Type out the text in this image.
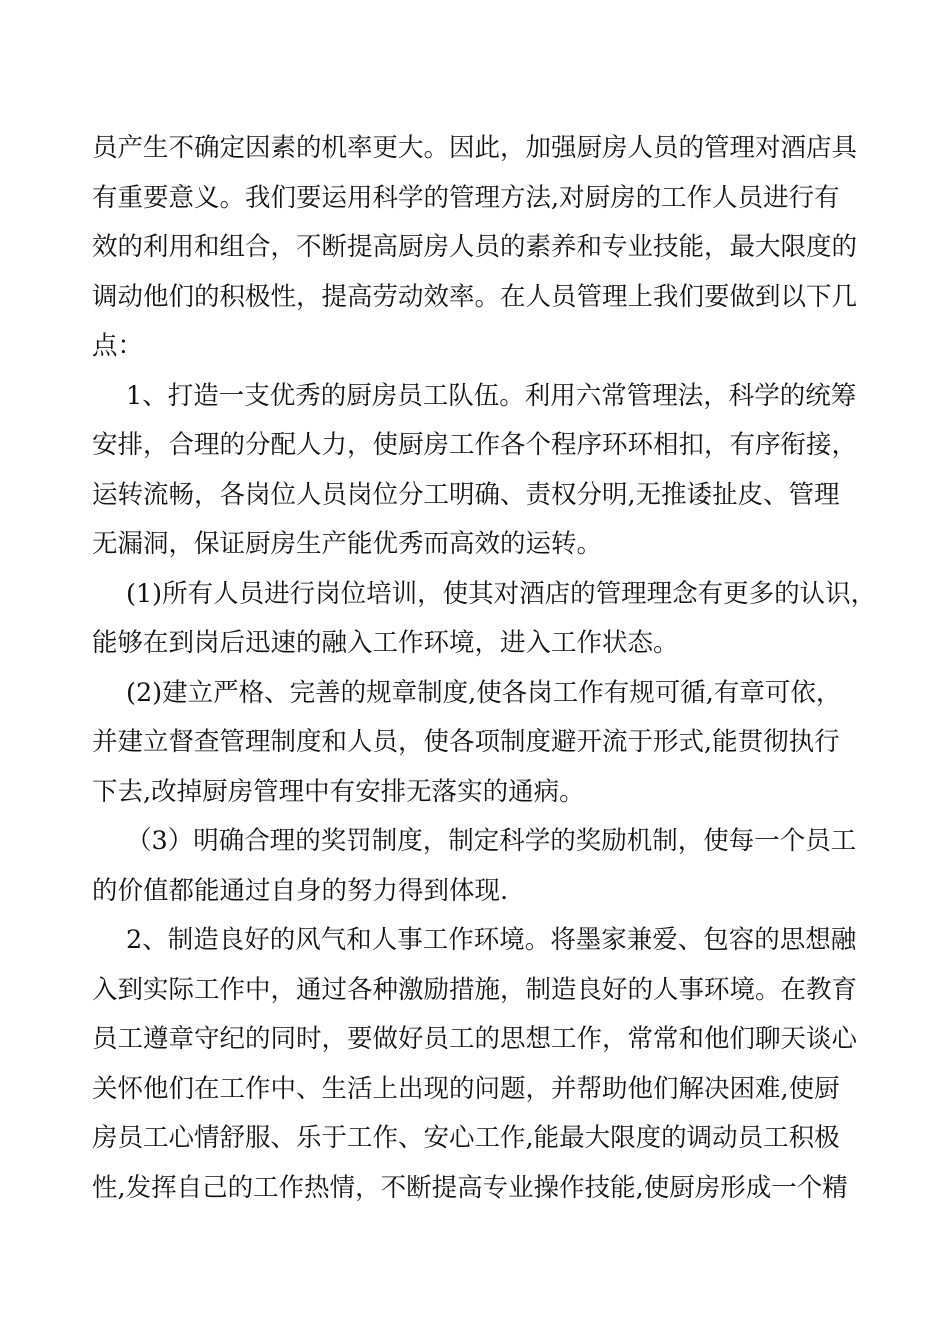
员产生不确定因素的机率更大。因此，加强厨房人员的管理对酒店具
有重要意义。我们要运用科学的管理方法,对厨房的工作人员进行有
效的利用和组合，不断提高厨房人员的素养和专业技能，最大限度的
调动他们的积极性，提高劳动效率。在人员管理上我们要做到以下几
点：
1、打造一支优秀的厨房员工队伍。利用六常管理法，科学的统筹
安排，合理的分配人力，使厨房工作各个程序环环相扣，有序衔接，
运转流畅，各岗位人员岗位分工明确、责权分明,无推诿扯皮、管理
无漏洞，保证厨房生产能优秀而高效的运转。
(1)所有人员进行岗位培训，使其对酒店的管理理念有更多的认识，
能够在到岗后迅速的融入工作环境，进入工作状态。
(2)建立严格、完善的规章制度,使各岗工作有规可循,有章可依，
并建立督查管理制度和人员，使各项制度避开流于形式,能贯彻执行
下去,改掉厨房管理中有安排无落实的通病。
（3）明确合理的奖罚制度，制定科学的奖励机制，使每一个员工
的价值都能通过自身的努力得到体现.
2、制造良好的风气和人事工作环境。将墨家兼爱、包容的思想融
入到实际工作中，通过各种激励措施，制造良好的人事环境。在教育
员工遵章守纪的同时，要做好员工的思想工作，常常和他们聊天谈心
关怀他们在工作中、生活上出现的问题，并帮助他们解决困难,使厨
房员工心情舒服、乐于工作、安心工作,能最大限度的调动员工积极
性,发挥自己的工作热情，不断提高专业操作技能,使厨房形成一个精
